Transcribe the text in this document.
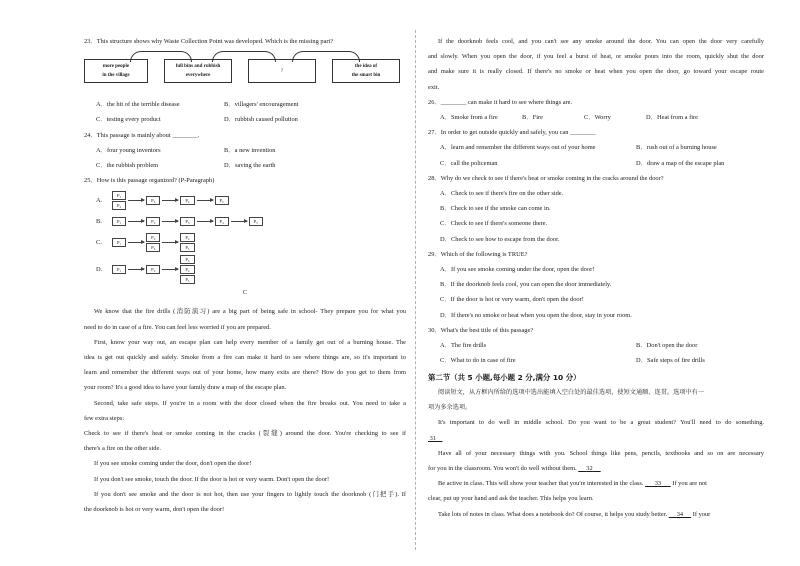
23．This structure shows why Waste Collection Point was developed. Which is the missing part?
more people
in the village
full bins and rubbish
everywhere
?
the idea of
the smart bin
A．the hit of the terrible disease	B．villagers' encouragement
C．testing every product	D．rubbish caused pollution
24．This passage is mainly about ________.
A．four young inventors	B．a new invention
C．the rubbish problem	D．saving the earth
25．How is this passage organized? (P-Paragraph)
A.
P₁
P₂
P₃	P₄	P₅
B.	P₁	P₂	P₃	P₄	P₅
C.	P₁
P₂
P₃
P₄
P₅
D.	P₁	P₂
P₃
P₄
P₅
C
We know that the fire drills (消防演习) are a big part of being safe in school- They prepare you for what you
need to do in case of a fire. You can feel less worried if you are prepared.
First, know your way out, an escape plan can help every member of a family get out of a burning house. The
idea is get out quickly and safely. Smoke from a fire can make it hard to see where things are, so it's important to
learn and remember the different ways out of your home, how many exits are there? How do you get to them from
your room? It's a good idea to have your family draw a map of the escape plan.
Second, take safe steps. If you're in a room with the door closed when the fire breaks out. You need to take a
few extra steps:
Check to see if there's heat or smoke coming in the cracks (裂缝) around the door. You're checking to see if
there's a fire on the other side.
If you see smoke coming under the door, don't open the door!
If you don't see smoke, touch the door. If the door is hot or very warm. Don't open the door!
If you don't see smoke and the door is not hot, then use your fingers to lightly touch the doorknob (门把手). If
the doorknob is hot or very warm, don't open the door!
If the doorknob feels cool, and you can't see any smoke around the door. You can open the door very carefully
and slowly. When you open the door, if you feel a burst of heat, or smoke pours into the room, quickly shut the door
and make sure it is really closed. If there's no smoke or heat when you open the door, go toward your escape route
exit.
26．________ can make it hard to see where things are.
A．Smoke from a fire	B．Fire	C．Worry	D．Heat from a fire
27．In order to get outside quickly and safely, you can ________
A．learn and remember the different ways out of your home	B．rush out of a burning house
C．call the policeman	D．draw a map of the escape plan
28．Why do we check to see if there's heat or smoke coming in the cracks around the door?
A．Check to see if there's fire on the other side.
B．Check to see if the smoke can come in.
C．Check to see if there's someone there.
D．Check to see how to escape from the door.
29．Which of the following is TRUE?
A．If you see smoke coming under the door, open the door!
B．If the doorknob feels cool, you can open the door immediately.
C．If the door is hot or very warm, don't open the door!
D．If there's no smoke or heat when you open the door, stay in your room.
30．What's the best title of this passage?
A．The fire drills	B．Don't open the door
C．What to do in case of fire	D．Safe steps of fire drills
第二节（共 5 小题,每小题 2 分,满分 10 分）
阅读短文，从方框内所给的选项中选出能填入空白处的最佳选项，使短文通顺、连贯。选项中有一
项为多余选项。
It's important to do well in middle school. Do you want to be a great student? You'll need to do something.
31
Have all of your necessary things with you. School things like pens, pencils, textbooks and so on are necessary
for you in the classroom. You won't do well without them. 32
Be active in class. This will show your teacher that you're interested in the class. 33 If you are not
clear, put up your hand and ask the teacher. This helps you learn.
Take lots of notes in class. What does a notebook do? Of course, it helps you study better. 34 If your
